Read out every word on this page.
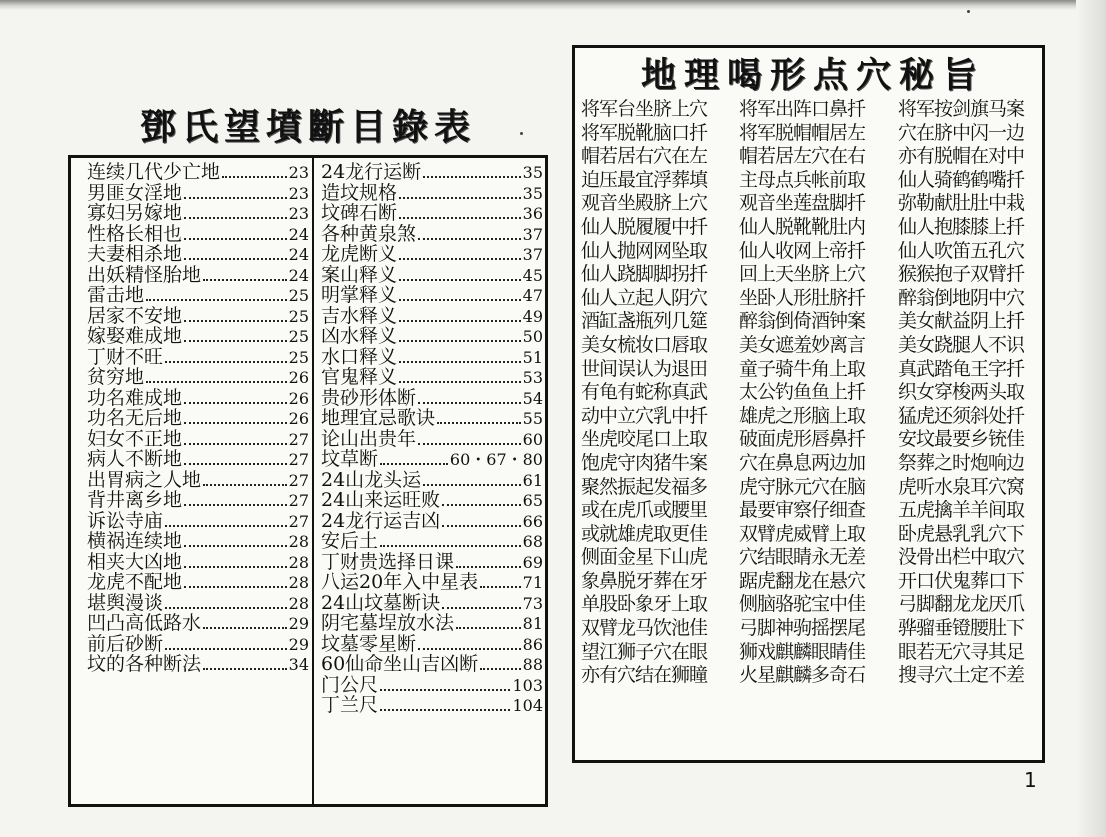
鄧氏望墳斷目錄表
连续几代少亡地	23
男匪女淫地	23
寡妇另嫁地	23
性格长相也	24
夫妻相杀地	24
出妖精怪胎地	24
雷击地	25
居家不安地	25
嫁娶难成地	25
丁财不旺	25
贫穷地	26
功名难成地	26
功名无后地	26
妇女不正地	27
病人不断地	27
出胃病之人地	27
背井离乡地	27
诉讼寺庙	27
横祸连续地	28
相夹大凶地	28
龙虎不配地	28
堪舆漫谈	28
凹凸高低路水	29
前后砂断	29
坟的各种断法	34
24龙行运断	35
造坟规格	35
坟碑石断	36
各种黄泉煞	37
龙虎断义	37
案山释义	45
明掌释义	47
吉水释义	49
凶水释义	50
水口释义	51
官鬼释义	53
贵砂形体断	54
地理宜忌歌诀	55
论山出贵年	60
坟草断	60・67・80
24山龙头运	61
24山来运旺败	65
24龙行运吉凶	66
安后土	68
丁财贵选择日课	69
八运20年入中星表	71
24山坟墓断诀	73
阴宅墓埕放水法	81
坟墓零星断	86
60仙命坐山吉凶断	88
门公尺	103
丁兰尺	104
地理喝形点穴秘旨
将军台坐脐上穴
将军脱靴脑口扦
帽若居右穴在左
迫压最宜浮葬填
观音坐殿脐上穴
仙人脱履履中扦
仙人抛网网坠取
仙人跷脚脚拐扦
仙人立起人阴穴
酒缸盏瓶列几筵
美女梳妆口唇取
世间误认为退田
有龟有蛇称真武
动中立穴乳中扦
坐虎咬尾口上取
饱虎守肉猪牛案
聚然振起发福多
或在虎爪或腰里
或就雄虎取更佳
侧面金星下山虎
象鼻脱牙葬在牙
单股卧象牙上取
双臂龙马饮池佳
望江狮子穴在眼
亦有穴结在狮瞳
将军出阵口鼻扦
将军脱帽帽居左
帽若居左穴在右
主母点兵帐前取
观音坐莲盘脚扦
仙人脱靴靴肚内
仙人收网上帝扦
回上天坐脐上穴
坐卧人形肚脐扦
醉翁倒倚酒钟案
美女遮羞妙离言
童子骑牛角上取
太公钓鱼鱼上扦
雄虎之形脑上取
破面虎形唇鼻扦
穴在鼻息两边加
虎守脉元穴在脑
最要审察仔细查
双臂虎威臂上取
穴结眼睛永无差
踞虎翻龙在悬穴
侧脑骆驼宝中佳
弓脚神驹摇摆尾
狮戏麒麟眼睛佳
火星麒麟多奇石
将军按剑旗马案
穴在脐中闪一边
亦有脱帽在对中
仙人骑鹤鹤嘴扦
弥勒献肚肚中栽
仙人抱膝膝上扦
仙人吹笛五孔穴
猴猴抱子双臂扦
醉翁倒地阴中穴
美女献益阴上扦
美女跷腿人不识
真武踏龟王字扦
织女穿梭两头取
猛虎还须斜处扦
安坟最要乡铳佳
祭葬之时炮响边
虎听水泉耳穴窝
五虎擒羊羊间取
卧虎悬乳乳穴下
没骨出栏中取穴
开口伏鬼葬口下
弓脚翻龙龙厌爪
骅骝垂镫腰肚下
眼若无穴寻其足
搜寻穴土定不差
1
